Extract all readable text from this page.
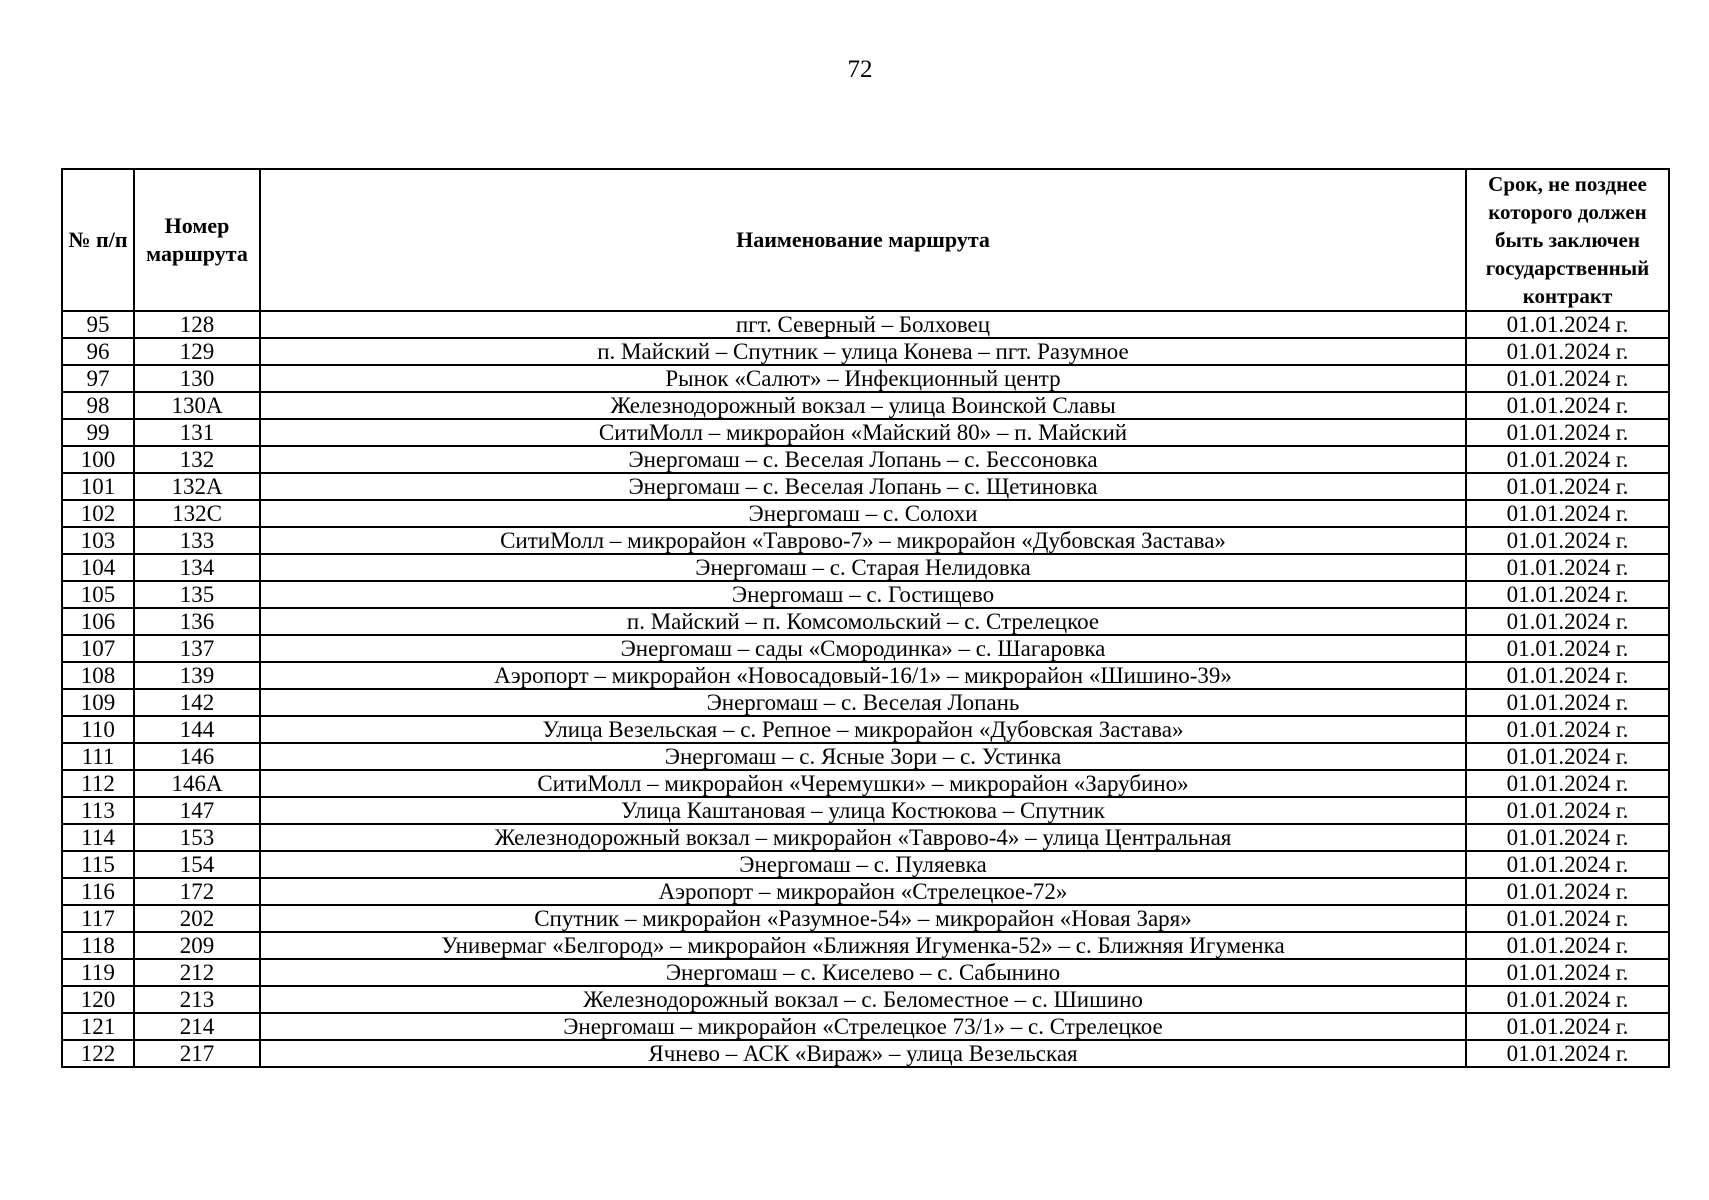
72
№ п/п	Номер маршрута	Наименование маршрута	Срок, не позднее которого должен быть заключен государственный контракт
95	128	пгт. Северный – Болховец	01.01.2024 г.
96	129	п. Майский – Спутник – улица Конева – пгт. Разумное	01.01.2024 г.
97	130	Рынок «Салют» – Инфекционный центр	01.01.2024 г.
98	130А	Железнодорожный вокзал – улица Воинской Славы	01.01.2024 г.
99	131	СитиМолл – микрорайон «Майский 80» – п. Майский	01.01.2024 г.
100	132	Энергомаш – с. Веселая Лопань – с. Бессоновка	01.01.2024 г.
101	132А	Энергомаш – с. Веселая Лопань – с. Щетиновка	01.01.2024 г.
102	132С	Энергомаш – с. Солохи	01.01.2024 г.
103	133	СитиМолл – микрорайон «Таврово-7» – микрорайон «Дубовская Застава»	01.01.2024 г.
104	134	Энергомаш – с. Старая Нелидовка	01.01.2024 г.
105	135	Энергомаш – с. Гостищево	01.01.2024 г.
106	136	п. Майский – п. Комсомольский – с. Стрелецкое	01.01.2024 г.
107	137	Энергомаш – сады «Смородинка» – с. Шагаровка	01.01.2024 г.
108	139	Аэропорт – микрорайон «Новосадовый-16/1» – микрорайон «Шишино-39»	01.01.2024 г.
109	142	Энергомаш – с. Веселая Лопань	01.01.2024 г.
110	144	Улица Везельская – с. Репное – микрорайон «Дубовская Застава»	01.01.2024 г.
111	146	Энергомаш – с. Ясные Зори – с. Устинка	01.01.2024 г.
112	146А	СитиМолл – микрорайон «Черемушки» – микрорайон «Зарубино»	01.01.2024 г.
113	147	Улица Каштановая – улица Костюкова – Спутник	01.01.2024 г.
114	153	Железнодорожный вокзал – микрорайон «Таврово-4» – улица Центральная	01.01.2024 г.
115	154	Энергомаш – с. Пуляевка	01.01.2024 г.
116	172	Аэропорт – микрорайон «Стрелецкое-72»	01.01.2024 г.
117	202	Спутник – микрорайон «Разумное-54» – микрорайон «Новая Заря»	01.01.2024 г.
118	209	Универмаг «Белгород» – микрорайон «Ближняя Игуменка-52» – с. Ближняя Игуменка	01.01.2024 г.
119	212	Энергомаш – с. Киселево – с. Сабынино	01.01.2024 г.
120	213	Железнодорожный вокзал – с. Беломестное – с. Шишино	01.01.2024 г.
121	214	Энергомаш – микрорайон «Стрелецкое 73/1» – с. Стрелецкое	01.01.2024 г.
122	217	Ячнево – АСК «Вираж» – улица Везельская	01.01.2024 г.
